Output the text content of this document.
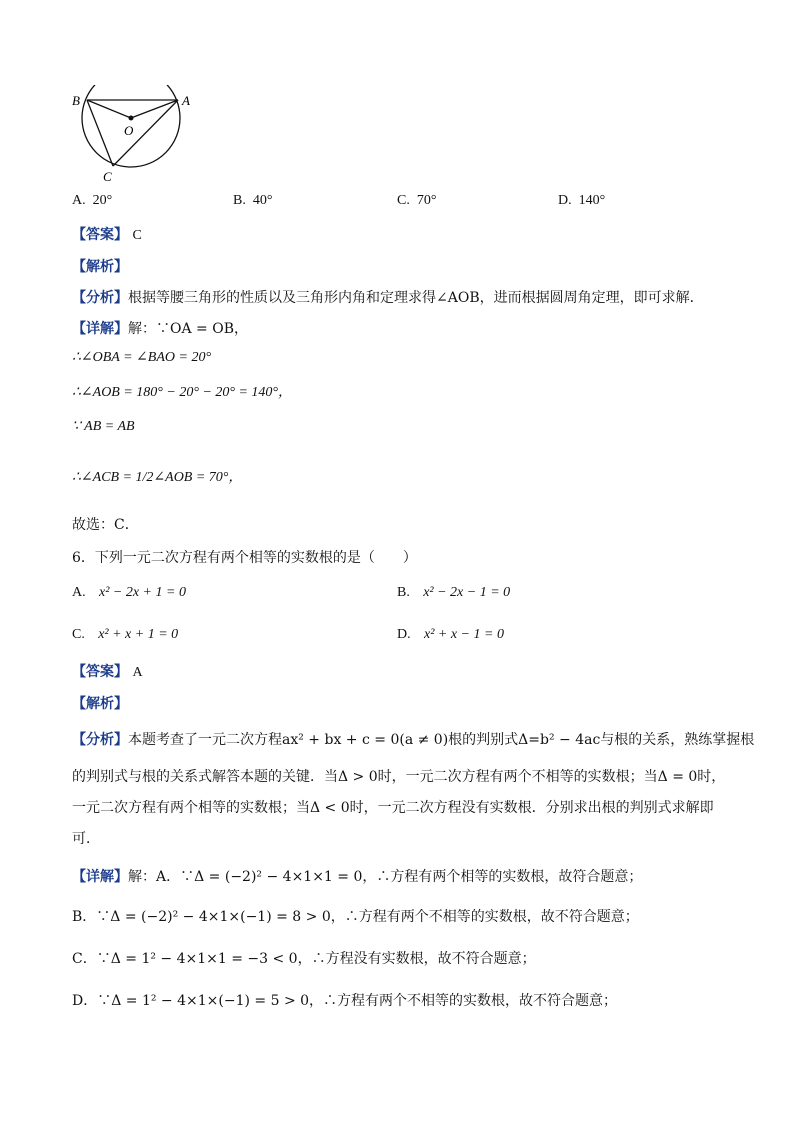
B	A
O
C
A. 20°	B. 40°	C. 70°	D. 140°
【答案】 C
【解析】
【分析】根据等腰三角形的性质以及三角形内角和定理求得∠AOB，进而根据圆周角定理，即可求解．
【详解】解：∵OA = OB，
∴∠OBA = ∠BAO = 20°
∴∠AOB = 180° − 20° − 20° = 140°，
∵ AB = AB
∴∠ACB = 1/2∠AOB = 70°，
故选：C．
6．下列一元二次方程有两个相等的实数根的是（　　）
A. x² − 2x + 1 = 0	B. x² − 2x − 1 = 0
C. x² + x + 1 = 0	D. x² + x − 1 = 0
【答案】 A
【解析】
【分析】本题考查了一元二次方程ax² + bx + c = 0(a ≠ 0)根的判别式Δ=b² − 4ac与根的关系，熟练掌握根
的判别式与根的关系式解答本题的关键．当Δ > 0时，一元二次方程有两个不相等的实数根；当Δ = 0时，
一元二次方程有两个相等的实数根；当Δ < 0时，一元二次方程没有实数根．分别求出根的判别式求解即
可．
【详解】解：A．∵Δ = (−2)² − 4×1×1 = 0，∴方程有两个相等的实数根，故符合题意；
B．∵Δ = (−2)² − 4×1×(−1) = 8 > 0，∴方程有两个不相等的实数根，故不符合题意；
C．∵Δ = 1² − 4×1×1 = −3 < 0，∴方程没有实数根，故不符合题意；
D．∵Δ = 1² − 4×1×(−1) = 5 > 0，∴方程有两个不相等的实数根，故不符合题意；
